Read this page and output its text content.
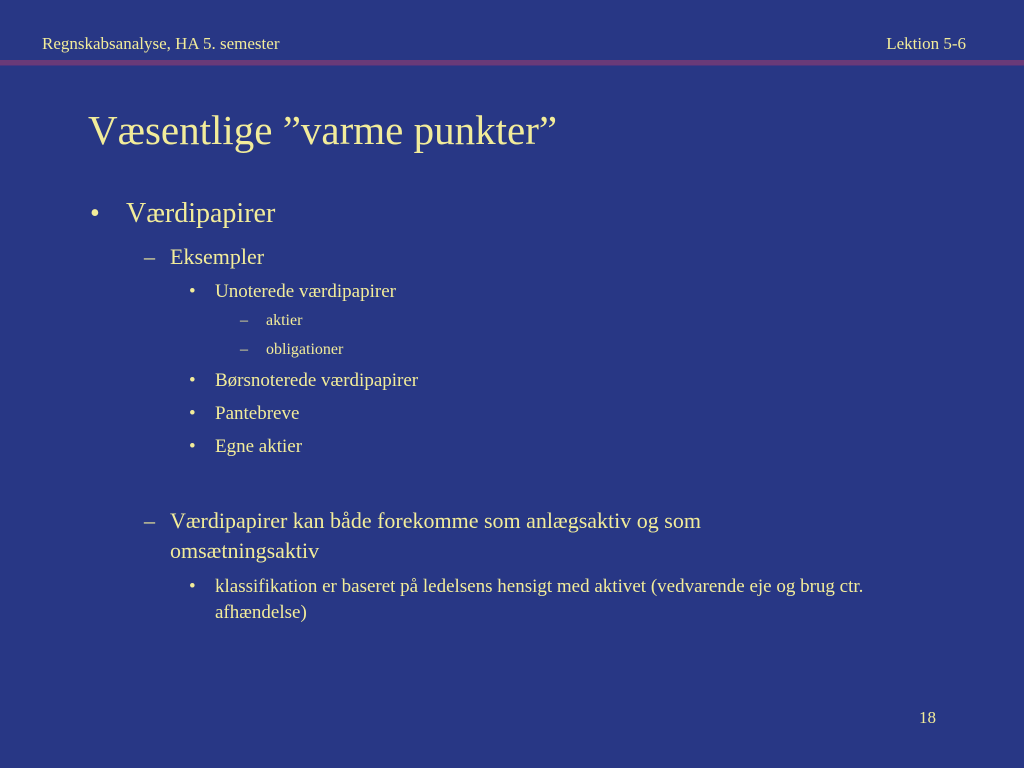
Regnskabsanalyse, HA 5. semester	Lektion 5-6
Væsentlige ”varme punkter”
• Værdipapirer
– Eksempler
• Unoterede værdipapirer
– aktier
– obligationer
• Børsnoterede værdipapirer
• Pantebreve
• Egne aktier
– Værdipapirer kan både forekomme som anlægsaktiv og som omsætningsaktiv
• klassifikation er baseret på ledelsens hensigt med aktivet (vedvarende eje og brug ctr. afhændelse)
18
